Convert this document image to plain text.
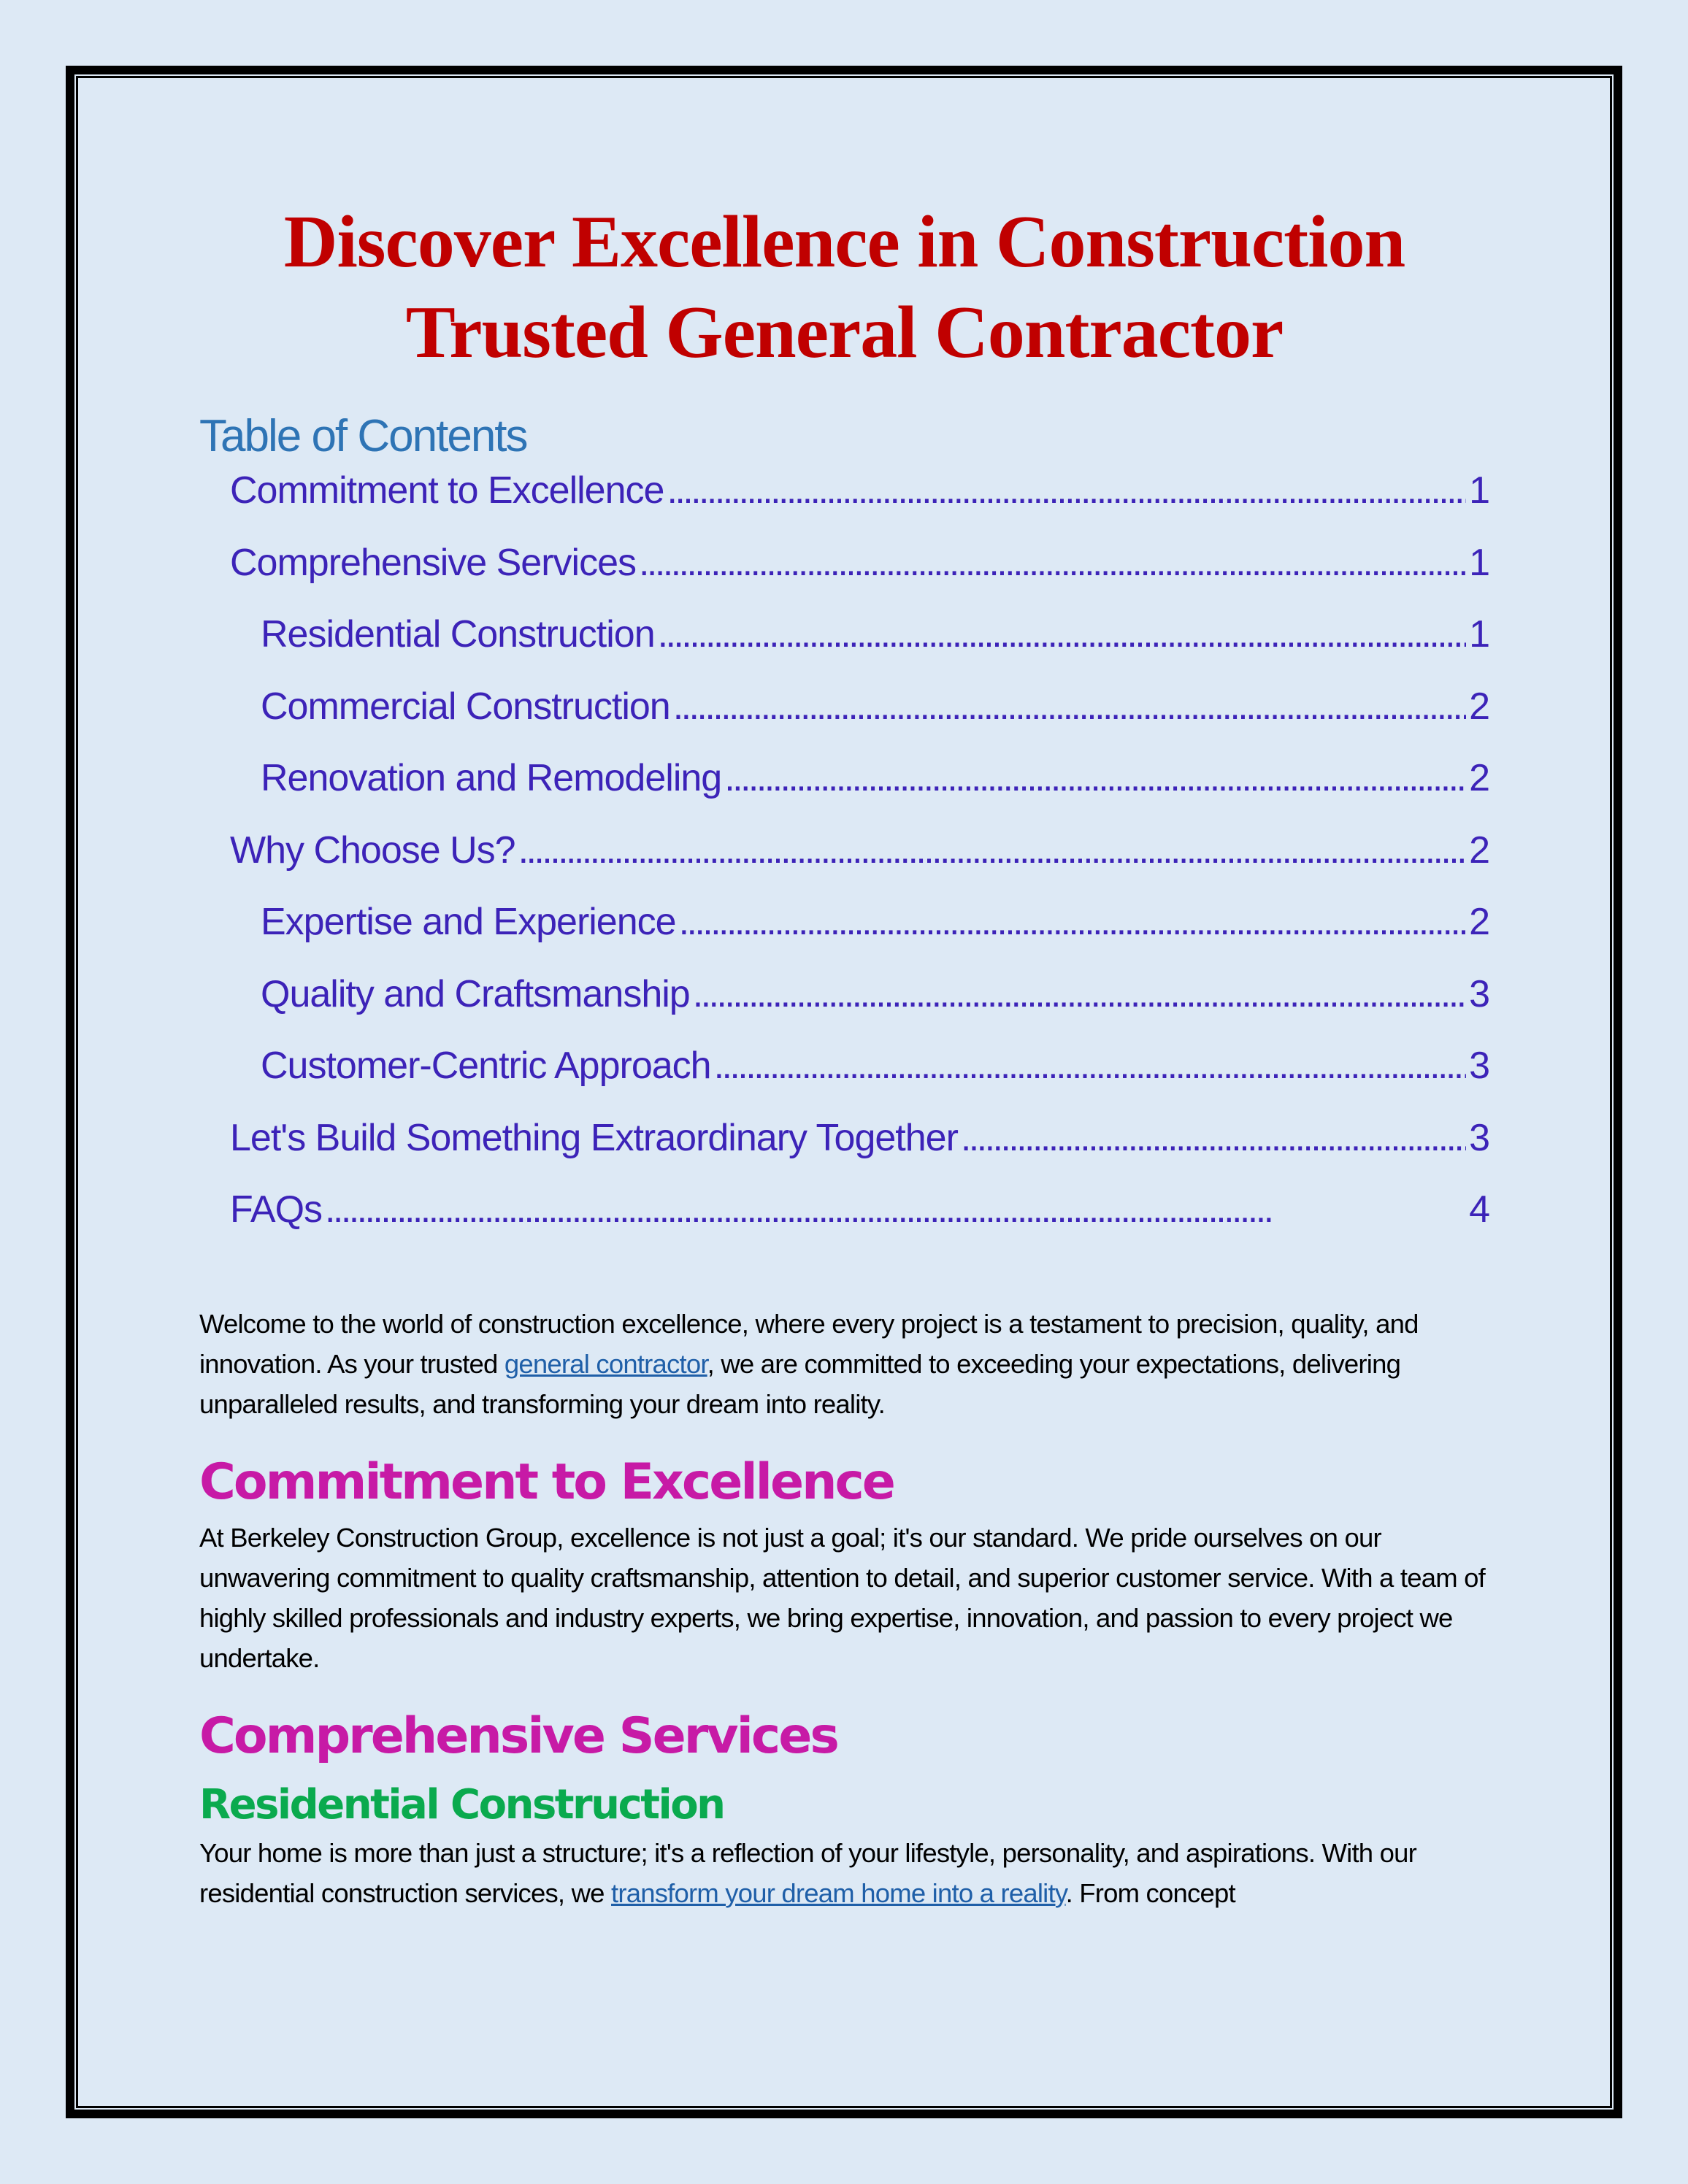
Discover Excellence in Construction
Trusted General Contractor
Table of Contents
Commitment to Excellence . . .	1
Comprehensive Services . . .	1
Residential Construction . . .	1
Commercial Construction . . .	2
Renovation and Remodeling . . .	2
Why Choose Us? . . .	2
Expertise and Experience . . .	2
Quality and Craftsmanship . . .	3
Customer-Centric Approach . . .	3
Let's Build Something Extraordinary Together . . .	3
FAQs . . .	4

Welcome to the world of construction excellence, where every project is a testament to precision, quality, and innovation. As your trusted general contractor, we are committed to exceeding your expectations, delivering unparalleled results, and transforming your dream into reality.

Commitment to Excellence

At Berkeley Construction Group, excellence is not just a goal; it's our standard. We pride ourselves on our unwavering commitment to quality craftsmanship, attention to detail, and superior customer service. With a team of highly skilled professionals and industry experts, we bring expertise, innovation, and passion to every project we undertake.

Comprehensive Services
Residential Construction

Your home is more than just a structure; it's a reflection of your lifestyle, personality, and aspirations. With our residential construction services, we transform your dream home into a reality. From concept
